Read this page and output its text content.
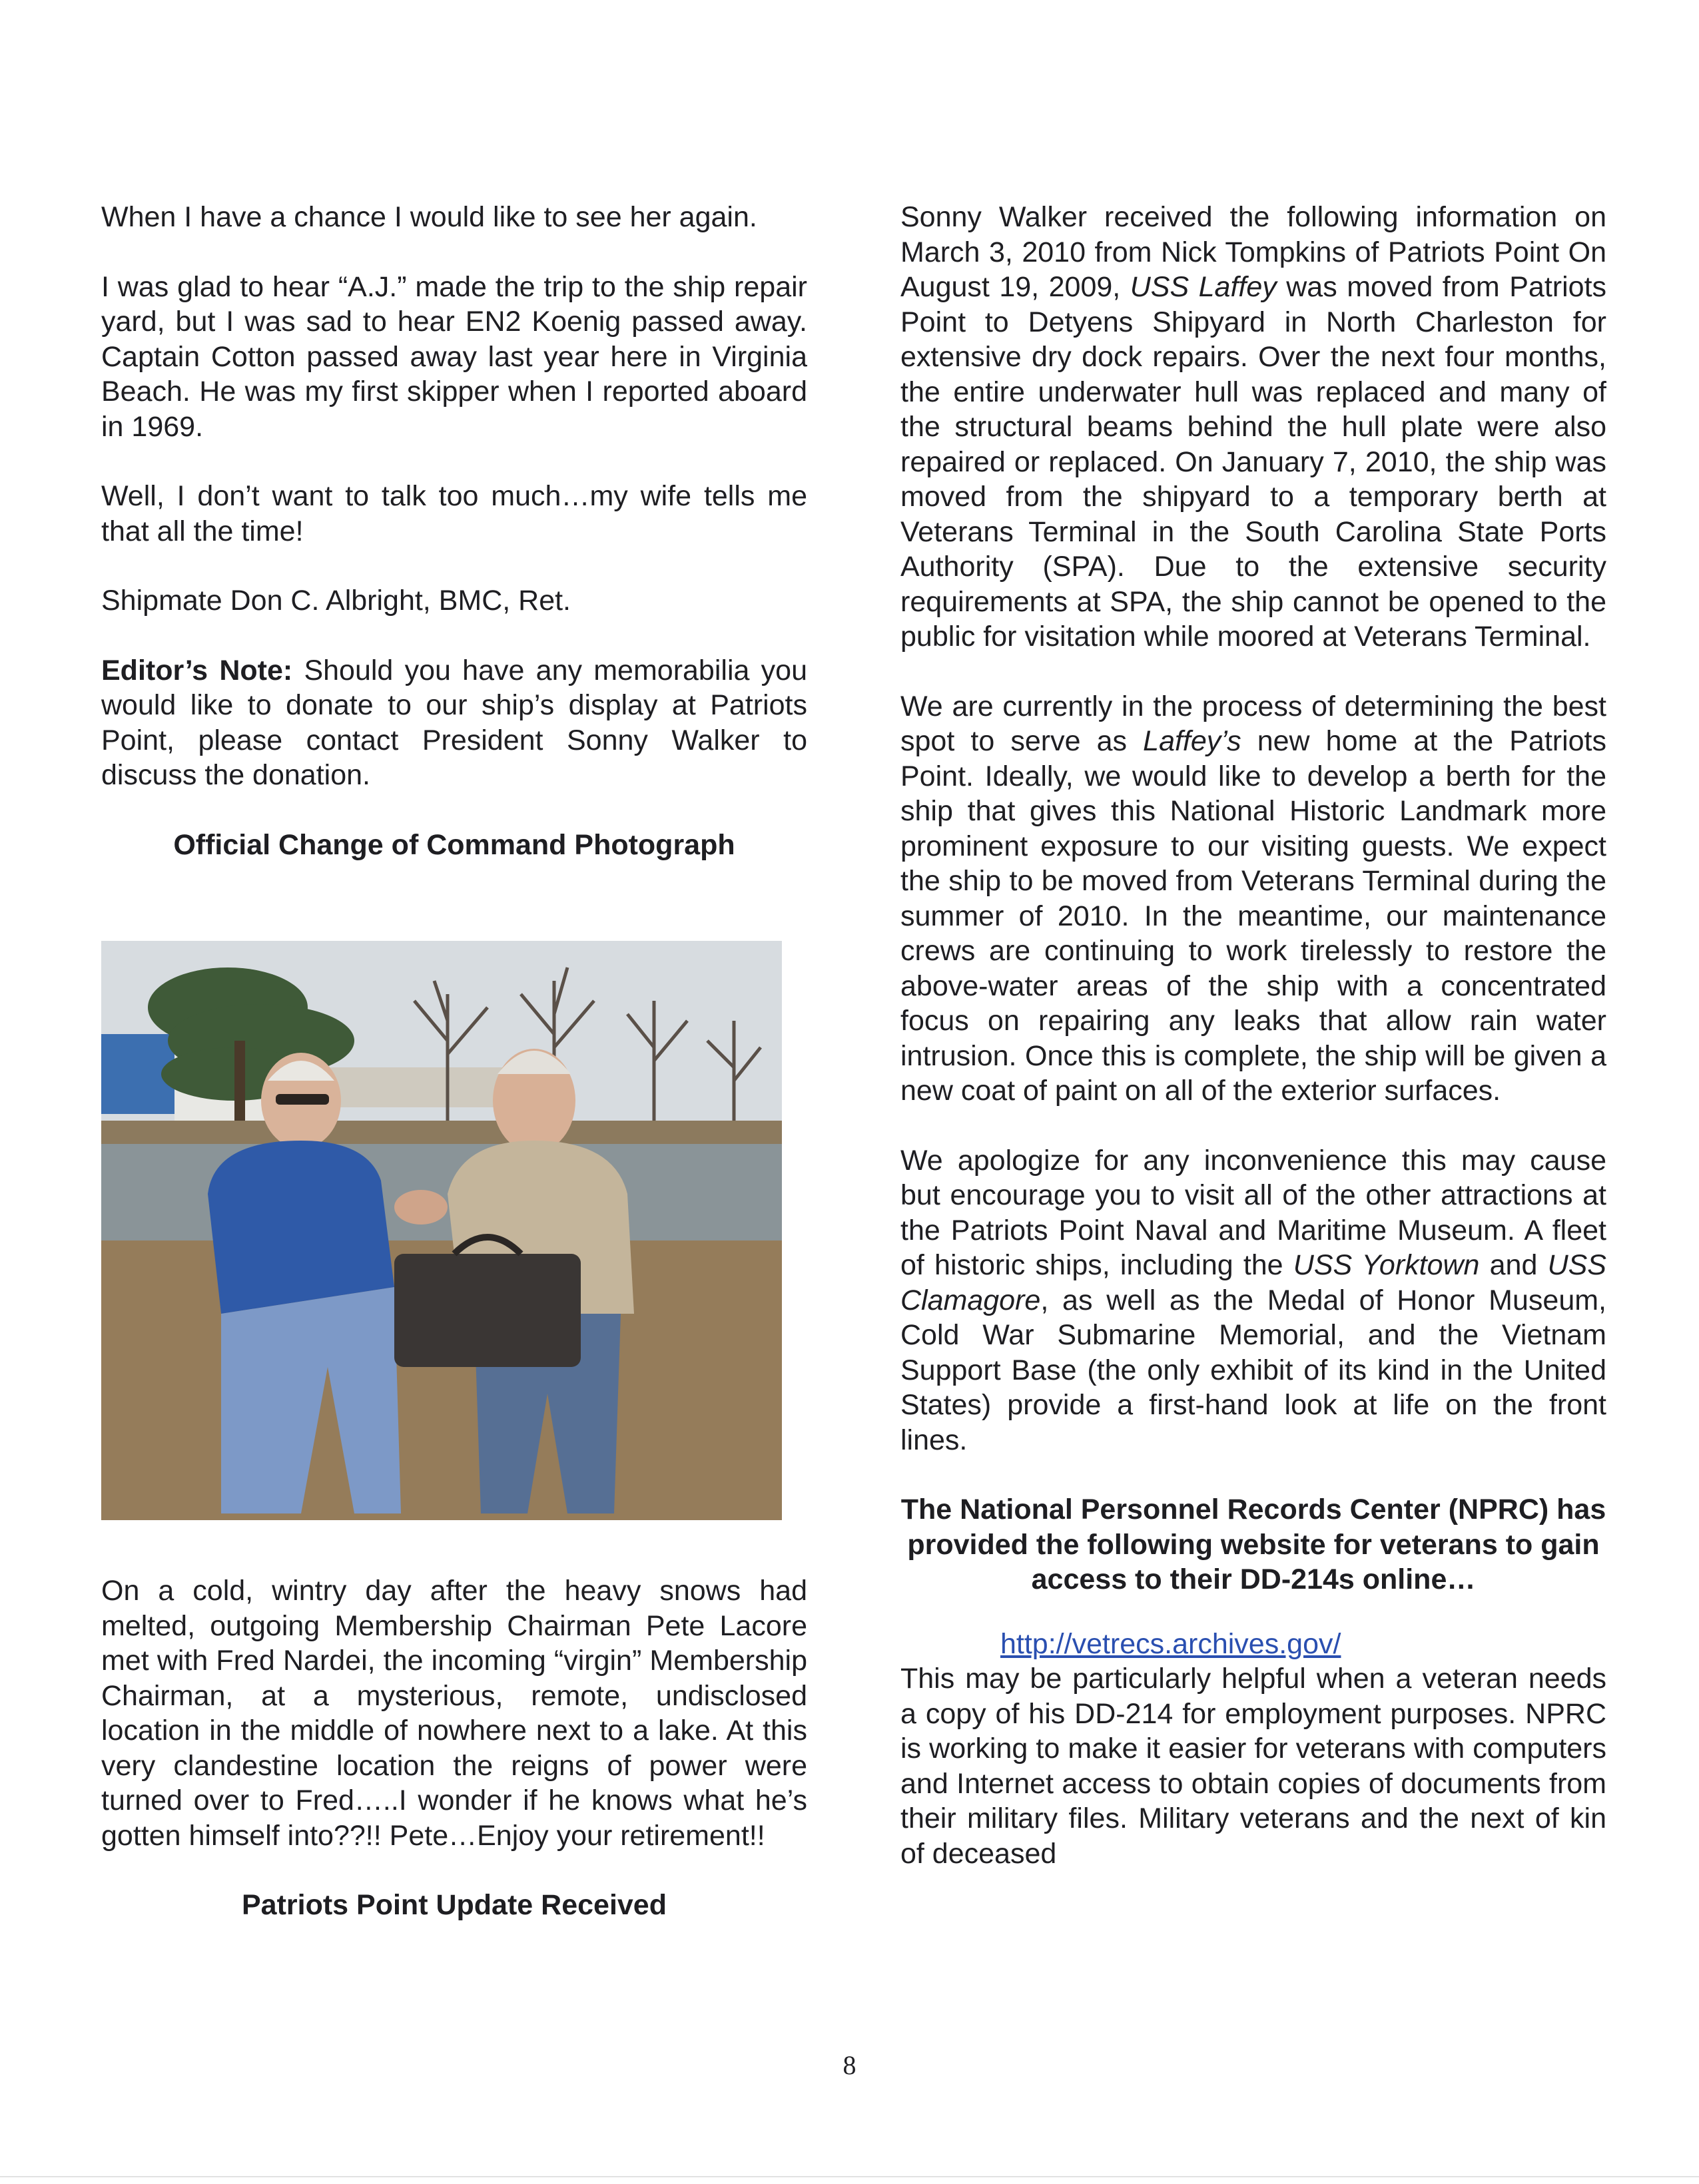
When I have a chance I would like to see her again.

I was glad to hear “A.J.” made the trip to the ship repair yard, but I was sad to hear EN2 Koenig passed away. Captain Cotton passed away last year here in Virginia Beach. He was my first skipper when I reported aboard in 1969.

Well, I don’t want to talk too much…my wife tells me that all the time!

Shipmate Don C. Albright, BMC, Ret.

Editor’s Note: Should you have any memorabilia you would like to donate to our ship’s display at Patriots Point, please contact President Sonny Walker to discuss the donation.

Official Change of Command Photograph

On a cold, wintry day after the heavy snows had melted, outgoing Membership Chairman Pete Lacore met with Fred Nardei, the incoming “virgin” Membership Chairman, at a mysterious, remote, undisclosed location in the middle of nowhere next to a lake. At this very clandestine location the reigns of power were turned over to Fred…..I wonder if he knows what he’s gotten himself into??!! Pete…Enjoy your retirement!!

Patriots Point Update Received

Sonny Walker received the following information on March 3, 2010 from Nick Tompkins of Patriots Point On August 19, 2009, USS Laffey was moved from Patriots Point to Detyens Shipyard in North Charleston for extensive dry dock repairs. Over the next four months, the entire underwater hull was replaced and many of the structural beams behind the hull plate were also repaired or replaced. On January 7, 2010, the ship was moved from the shipyard to a temporary berth at Veterans Terminal in the South Carolina State Ports Authority (SPA). Due to the extensive security requirements at SPA, the ship cannot be opened to the public for visitation while moored at Veterans Terminal.

We are currently in the process of determining the best spot to serve as Laffey’s new home at the Patriots Point. Ideally, we would like to develop a berth for the ship that gives this National Historic Landmark more prominent exposure to our visiting guests. We expect the ship to be moved from Veterans Terminal during the summer of 2010. In the meantime, our maintenance crews are continuing to work tirelessly to restore the above-water areas of the ship with a concentrated focus on repairing any leaks that allow rain water intrusion. Once this is complete, the ship will be given a new coat of paint on all of the exterior surfaces.

We apologize for any inconvenience this may cause but encourage you to visit all of the other attractions at the Patriots Point Naval and Maritime Museum. A fleet of historic ships, including the USS Yorktown and USS Clamagore, as well as the Medal of Honor Museum, Cold War Submarine Memorial, and the Vietnam Support Base (the only exhibit of its kind in the United States) provide a first-hand look at life on the front lines.

The National Personnel Records Center (NPRC) has provided the following website for veterans to gain access to their DD-214s online…

http://vetrecs.archives.gov/

This may be particularly helpful when a veteran needs a copy of his DD-214 for employment purposes. NPRC is working to make it easier for veterans with computers and Internet access to obtain copies of documents from their military files. Military veterans and the next of kin of deceased

8
